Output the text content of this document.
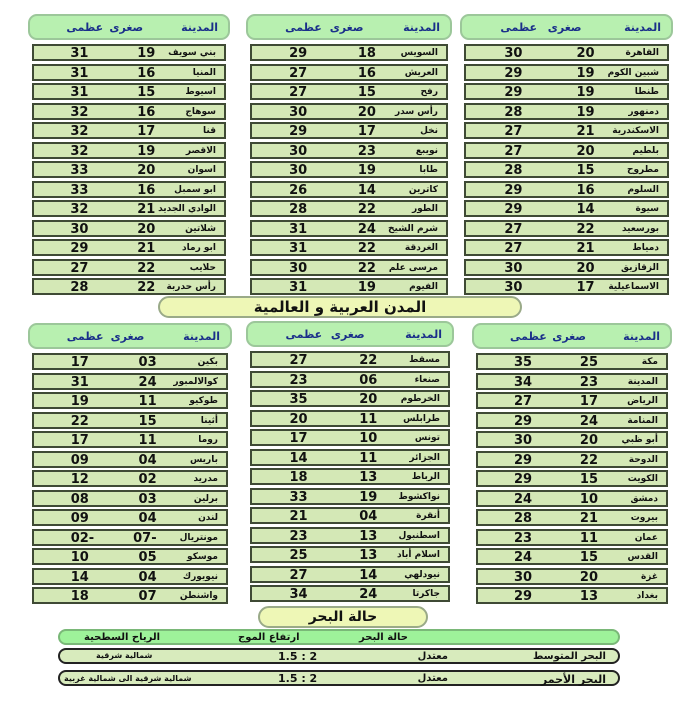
المدن العربية و العالمية
حالة البحر
حالة البحر
ارتفاع الموج
الرياح السطحية
البحر المتوسط
معتدل
1.5 : 2
شمالية شرقية
البحر الأحمر
معتدل
1.5 : 2
شمالية شرقية الى شمالية غربية
المدينة
صغرى
عظمى
القاهرة
20
30
شبين الكوم
19
29
طنطا
19
29
دمنهور
19
28
الاسكندرية
21
27
بلطيم
20
27
مطروح
15
28
السلوم
16
29
سيوة
14
29
بورسعيد
22
27
دمياط
21
27
الزقازيق
20
30
الاسماعيلية
17
30
المدينة
صغرى
عظمى
السويس
18
29
العريش
16
27
رفح
15
27
رأس سدر
20
30
نخل
17
29
نويبع
23
30
طابا
19
30
كاترين
14
26
الطور
22
28
شرم الشيخ
24
31
الغردقة
22
31
مرسى علم
22
30
الفيوم
19
31
المدينة
صغرى
عظمى
بني سويف
19
31
المنيا
16
31
اسيوط
15
31
سوهاج
16
32
قنا
17
32
الاقصر
19
32
اسوان
20
33
ابو سمبل
16
33
الوادي الجديد
21
32
شلاتين
20
30
ابو رماد
21
29
حلايب
22
27
رأس حدربة
22
28
المدينة
صغرى
عظمى
مكة
25
35
المدينة
23
34
الرياض
17
27
المنامة
24
29
أبو ظبي
20
30
الدوحة
22
29
الكويت
15
29
دمشق
10
24
بيروت
21
28
عمان
11
23
القدس
15
24
غزة
20
30
بغداد
13
29
المدينة
صغرى
عظمى
مسقط
22
27
صنعاء
06
23
الخرطوم
20
35
طرابلس
11
20
تونس
10
17
الجزائر
11
14
الرباط
13
18
نواكشوط
19
33
أنقرة
04
21
اسطنبول
13
23
اسلام أباد
13
25
نيودلهي
14
27
جاكرتا
24
34
المدينة
صغرى
عظمى
بكين
03
17
كوالالمبور
24
31
طوكيو
11
19
أثينا
15
22
روما
11
17
باريس
04
09
مدريد
02
12
برلين
03
08
لندن
04
09
مونتريال
07-
02-
موسكو
05
10
نيويورك
04
14
واشنطن
07
18
